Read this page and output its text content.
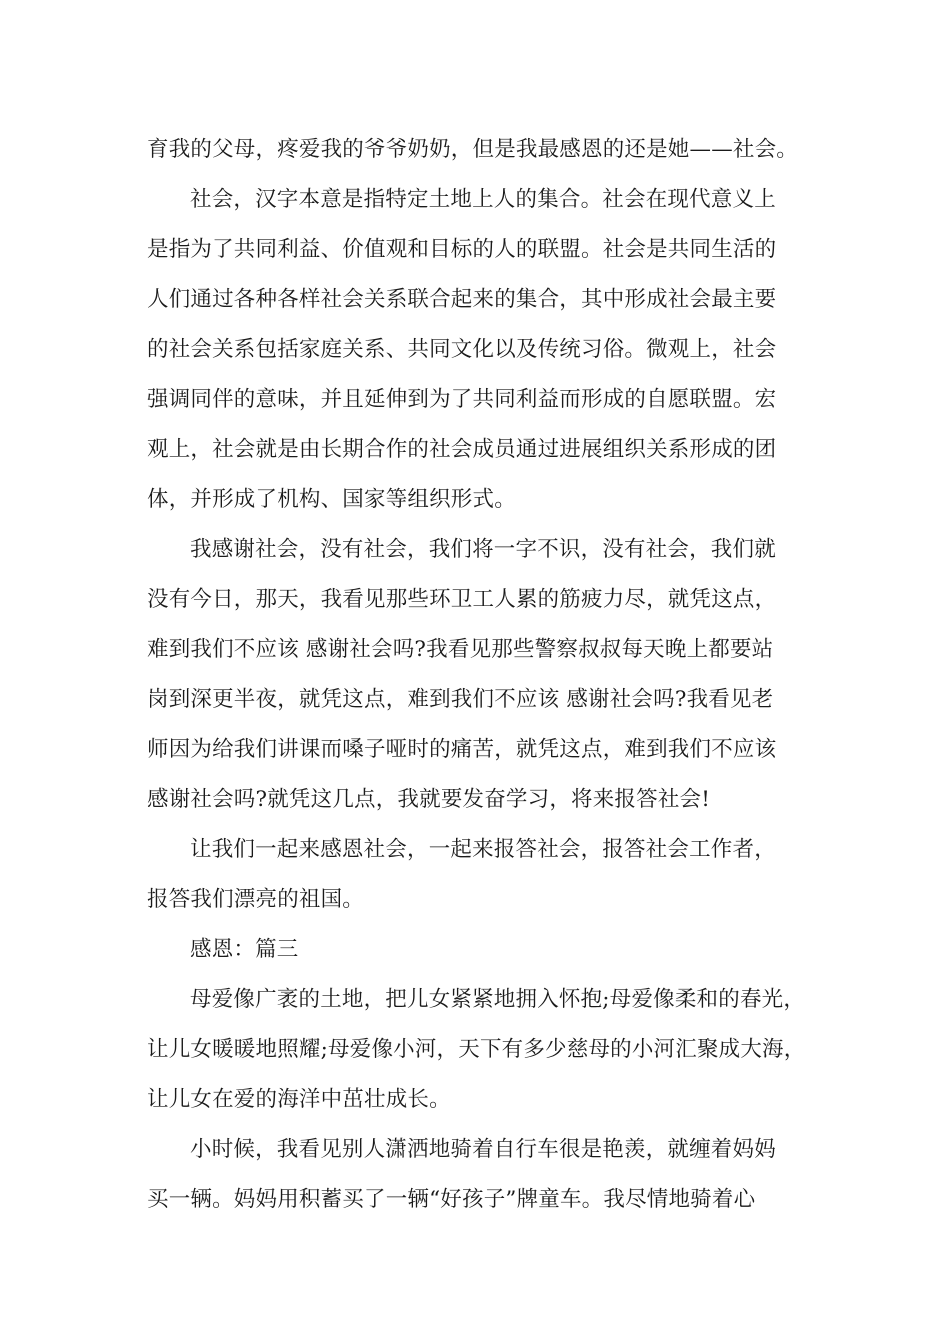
育我的父母，疼爱我的爷爷奶奶，但是我最感恩的还是她——社会。
社会，汉字本意是指特定土地上人的集合。社会在现代意义上
是指为了共同利益、价值观和目标的人的联盟。社会是共同生活的
人们通过各种各样社会关系联合起来的集合，其中形成社会最主要
的社会关系包括家庭关系、共同文化以及传统习俗。微观上，社会
强调同伴的意味，并且延伸到为了共同利益而形成的自愿联盟。宏
观上，社会就是由长期合作的社会成员通过进展组织关系形成的团
体，并形成了机构、国家等组织形式。
我感谢社会，没有社会，我们将一字不识，没有社会，我们就
没有今日，那天，我看见那些环卫工人累的筋疲力尽，就凭这点，
难到我们不应该 感谢社会吗?我看见那些警察叔叔每天晚上都要站
岗到深更半夜，就凭这点，难到我们不应该 感谢社会吗?我看见老
师因为给我们讲课而嗓子哑时的痛苦，就凭这点，难到我们不应该
感谢社会吗?就凭这几点，我就要发奋学习，将来报答社会!
让我们一起来感恩社会，一起来报答社会，报答社会工作者，
报答我们漂亮的祖国。
感恩：篇三
母爱像广袤的土地，把儿女紧紧地拥入怀抱;母爱像柔和的春光，
让儿女暖暖地照耀;母爱像小河，天下有多少慈母的小河汇聚成大海，
让儿女在爱的海洋中茁壮成长。
小时候，我看见别人潇洒地骑着自行车很是艳羡，就缠着妈妈
买一辆。妈妈用积蓄买了一辆“好孩子”牌童车。我尽情地骑着心
